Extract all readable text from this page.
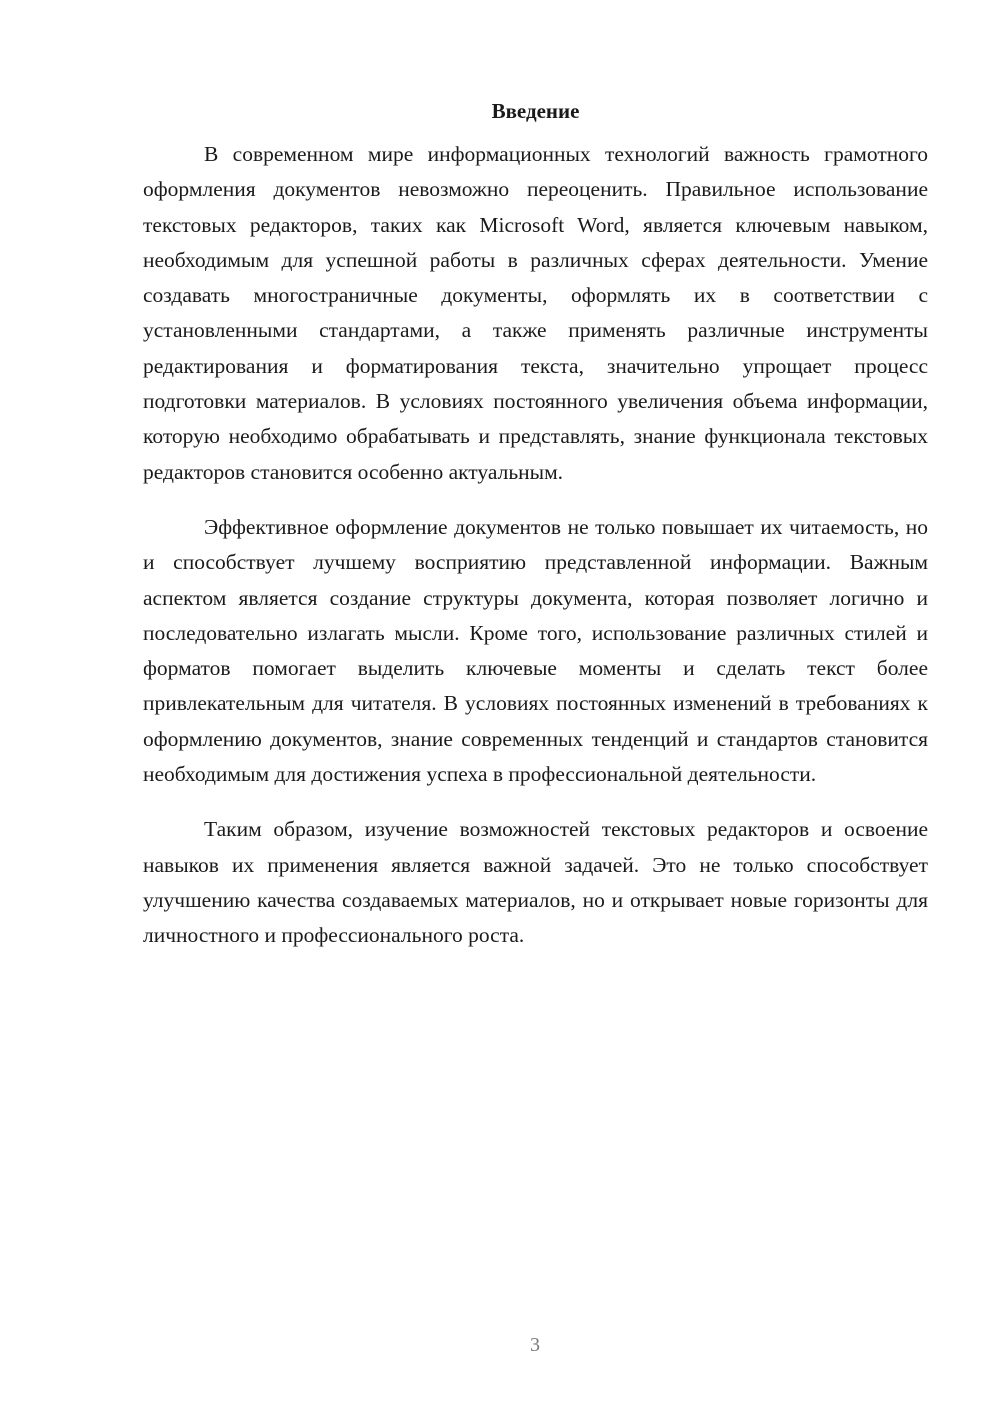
Введение

В современном мире информационных технологий важность грамотного оформления документов невозможно переоценить. Правильное использование текстовых редакторов, таких как Microsoft Word, является ключевым навыком, необходимым для успешной работы в различных сферах деятельности. Умение создавать многостраничные документы, оформлять их в соответствии с установленными стандартами, а также применять различные инструменты редактирования и форматирования текста, значительно упрощает процесс подготовки материалов. В условиях постоянного увеличения объема информации, которую необходимо обрабатывать и представлять, знание функционала текстовых редакторов становится особенно актуальным.

Эффективное оформление документов не только повышает их читаемость, но и способствует лучшему восприятию представленной информации. Важным аспектом является создание структуры документа, которая позволяет логично и последовательно излагать мысли. Кроме того, использование различных стилей и форматов помогает выделить ключевые моменты и сделать текст более привлекательным для читателя. В условиях постоянных изменений в требованиях к оформлению документов, знание современных тенденций и стандартов становится необходимым для достижения успеха в профессиональной деятельности.

Таким образом, изучение возможностей текстовых редакторов и освоение навыков их применения является важной задачей. Это не только способствует улучшению качества создаваемых материалов, но и открывает новые горизонты для личностного и профессионального роста.

3
